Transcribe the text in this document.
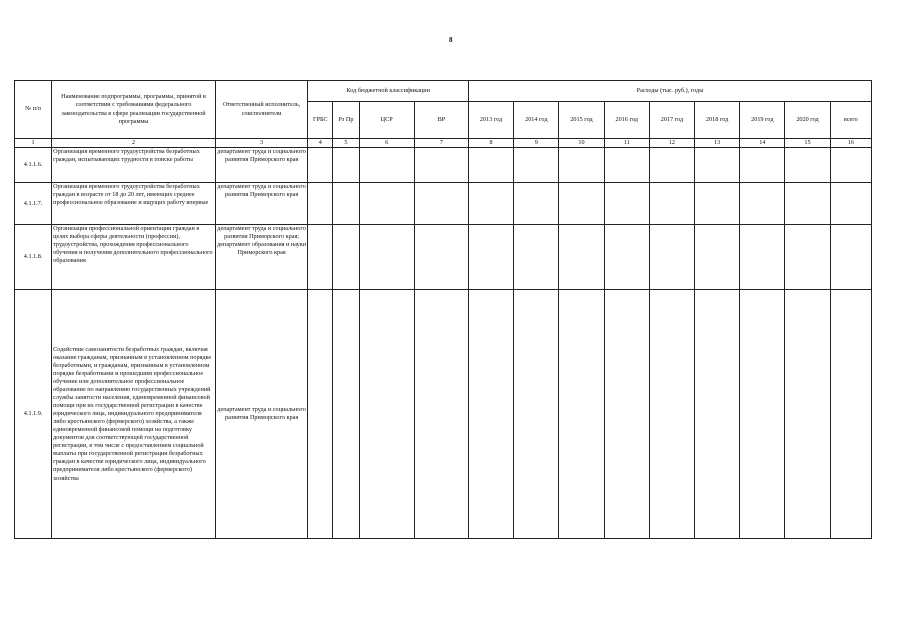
8
№ п/п	Наименование подпрограммы, программы, принятой в соответствии с требованиями федерального законодательства в сфере реализации государственной программы	Ответственный исполнитель, соисполнители	Код бюджетной классификации				Расходы (тыс. руб.), годы								
			ГРБС	Рз Пр	ЦСР	ВР	2013 год	2014 год	2015 год	2016 год	2017 год	2018 год	2019 год	2020 год	всего
1	2	3	4	5	6	7	8	9	10	11	12	13	14	15	16
4.1.1.6.	Организация временного трудоустройства безработных граждан, испытывающих трудности в поиске работы	департамент труда и социального развития Приморского края													
4.1.1.7.	Организация временного трудоустройства безработных граждан в возрасте от 18 до 20 лет, имеющих среднее профессиональное образование и ищущих работу впервые	департамент труда и социального развития Приморского края													
4.1.1.8.	Организация профессиональной ориентации граждан в целях выбора сферы деятельности (профессии), трудоустройства, прохождения профессионального обучения и получения дополнительного профессионального образования	департамент труда и социального развития Приморского края; департамент образования и науки Приморского края													
4.1.1.9.	Содействие самозанятости безработных граждан, включая оказание гражданам, признанным в установленном порядке безработными, и гражданам, признанным в установленном порядке безработными и прошедшим профессиональное обучение или дополнительное профессиональное образование по направлению государственных учреждений службы занятости населения, единовременной финансовой помощи при их государственной регистрации в качестве юридического лица, индивидуального предпринимателя либо крестьянского (фермерского) хозяйства, а также единовременной финансовой помощи на подготовку документов для соответствующей государственной регистрации, в том числе с предоставлением социальной выплаты при государственной регистрации безработных граждан в качестве юридического лица, индивидуального предпринимателя либо крестьянского (фермерского) хозяйства	департамент труда и социального развития Приморского края													
